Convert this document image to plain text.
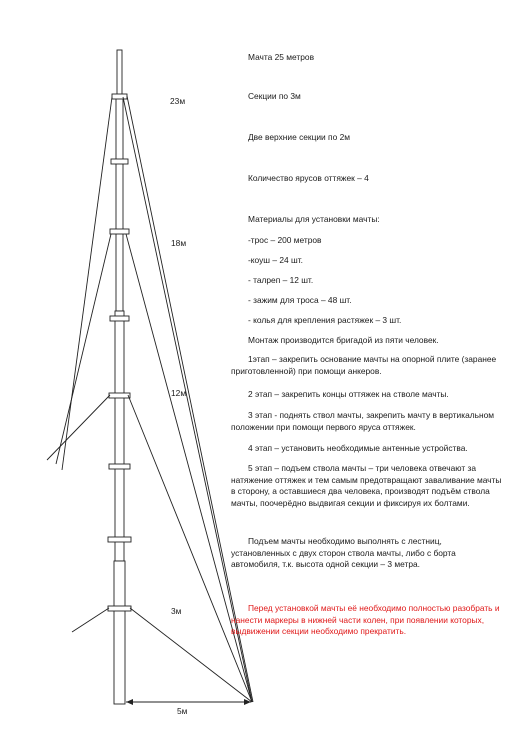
23м
18м
12м
3м
5м
Мачта 25 метров
Секции по 3м
Две верхние секции по 2м
Количество ярусов оттяжек – 4
Материалы для установки мачты:
-трос – 200 метров
-коуш – 24 шт.
- талреп – 12 шт.
- зажим для троса – 48 шт.
- колья для крепления растяжек – 3 шт.
Монтаж производится бригадой из пяти человек.
1этап – закрепить основание мачты на опорной плите (заранее приготовленной) при помощи анкеров.
2 этап – закрепить концы оттяжек на стволе мачты.
3 этап - поднять ствол мачты, закрепить мачту в вертикальном положении при помощи первого яруса оттяжек.
4 этап – установить необходимые антенные устройства.
5 этап – подъем ствола мачты – три человека отвечают за натяжение оттяжек и тем самым предотвращают заваливание мачты в сторону, а оставшиеся два человека, производят подъём ствола мачты, поочерёдно выдвигая секции и фиксируя их болтами.
Подъем мачты необходимо выполнять с лестниц, установленных с двух сторон ствола мачты, либо с борта автомобиля, т.к. высота одной секции – 3 метра.
Перед установкой мачты её необходимо полностью разобрать и нанести маркеры в нижней части колен, при появлении которых, выдвижении секции необходимо прекратить.
